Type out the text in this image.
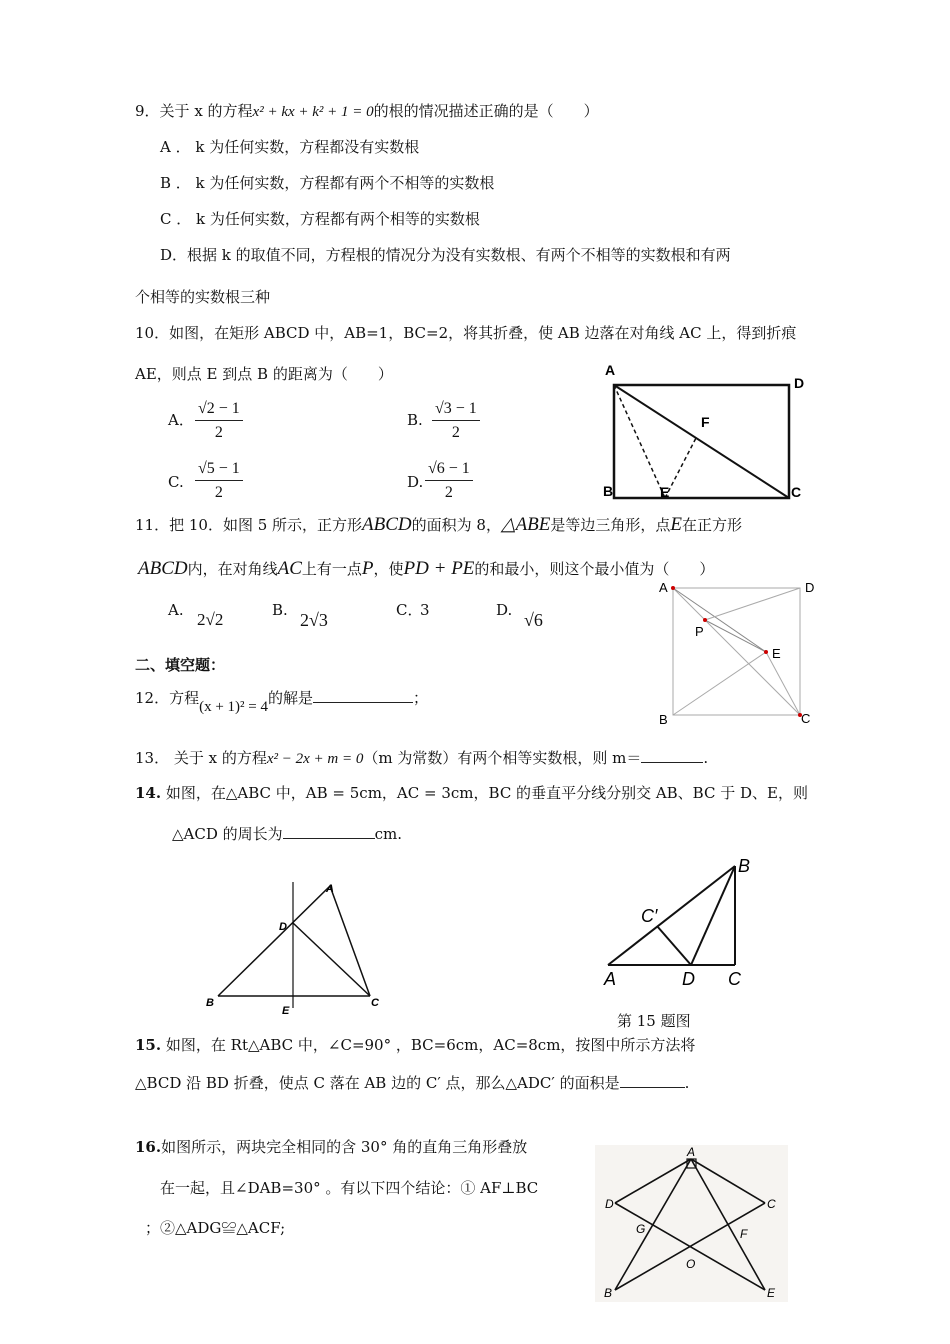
9．关于 x 的方程x² + kx + k² + 1 = 0的根的情况描述正确的是（　　）
A ． k 为任何实数，方程都没有实数根
B ． k 为任何实数，方程都有两个不相等的实数根
C ． k 为任何实数，方程都有两个相等的实数根
D．根据 k 的取值不同，方程根的情况分为没有实数根、有两个不相等的实数根和有两
个相等的实数根三种
10．如图，在矩形 ABCD 中，AB=1，BC=2，将其折叠，使 AB 边落在对角线 AC 上，得到折痕
AE，则点 E 到点 B 的距离为（　　）
A． $\frac{√2 - 1}{2}$	B. $\frac{√3 - 1}{2}$
C. $\frac{√5 - 1}{2}$	D. $\frac{√6 - 1}{2}$
A
D
F
B	E	C
11．把 10．如图 5 所示，正方形ABCD的面积为 8，△ABE是等边三角形，点E在正方形
ABCD内，在对角线AC上有一点P，使PD + PE的和最小，则这个最小值为（　　）
A. 2√2	B. 2√3	C．
3	D. √6
A	D
P
E
B	C
二、填空题：
12．方程(x + 1)² = 4的解是	；
13． 关于 x 的方程x² − 2x + m = 0（m 为常数）有两个相等实数根，则 m＝	.
14. 如图，在△ABC 中，AB = 5cm，AC = 3cm，BC 的垂直平分线分别交 AB、BC 于 D、E，则
△ACD 的周长为	cm.
A
D
B
E
C
B
C′
A	D C
第 15 题图
15. 如图，在 Rt△ABC 中，∠C=90° ，BC=6cm，AC=8cm，按图中所示方法将
△BCD 沿 BD 折叠，使点 C 落在 AB 边的 C′ 点，那么△ADC′ 的面积是	.
16.如图所示，两块完全相同的含 30° 角的直角三角形叠放
在一起，且∠DAB=30° 。有以下四个结论：① AF⊥BC
；②△ADG≌△ACF;
A
D	C
G	F
O
B	E
